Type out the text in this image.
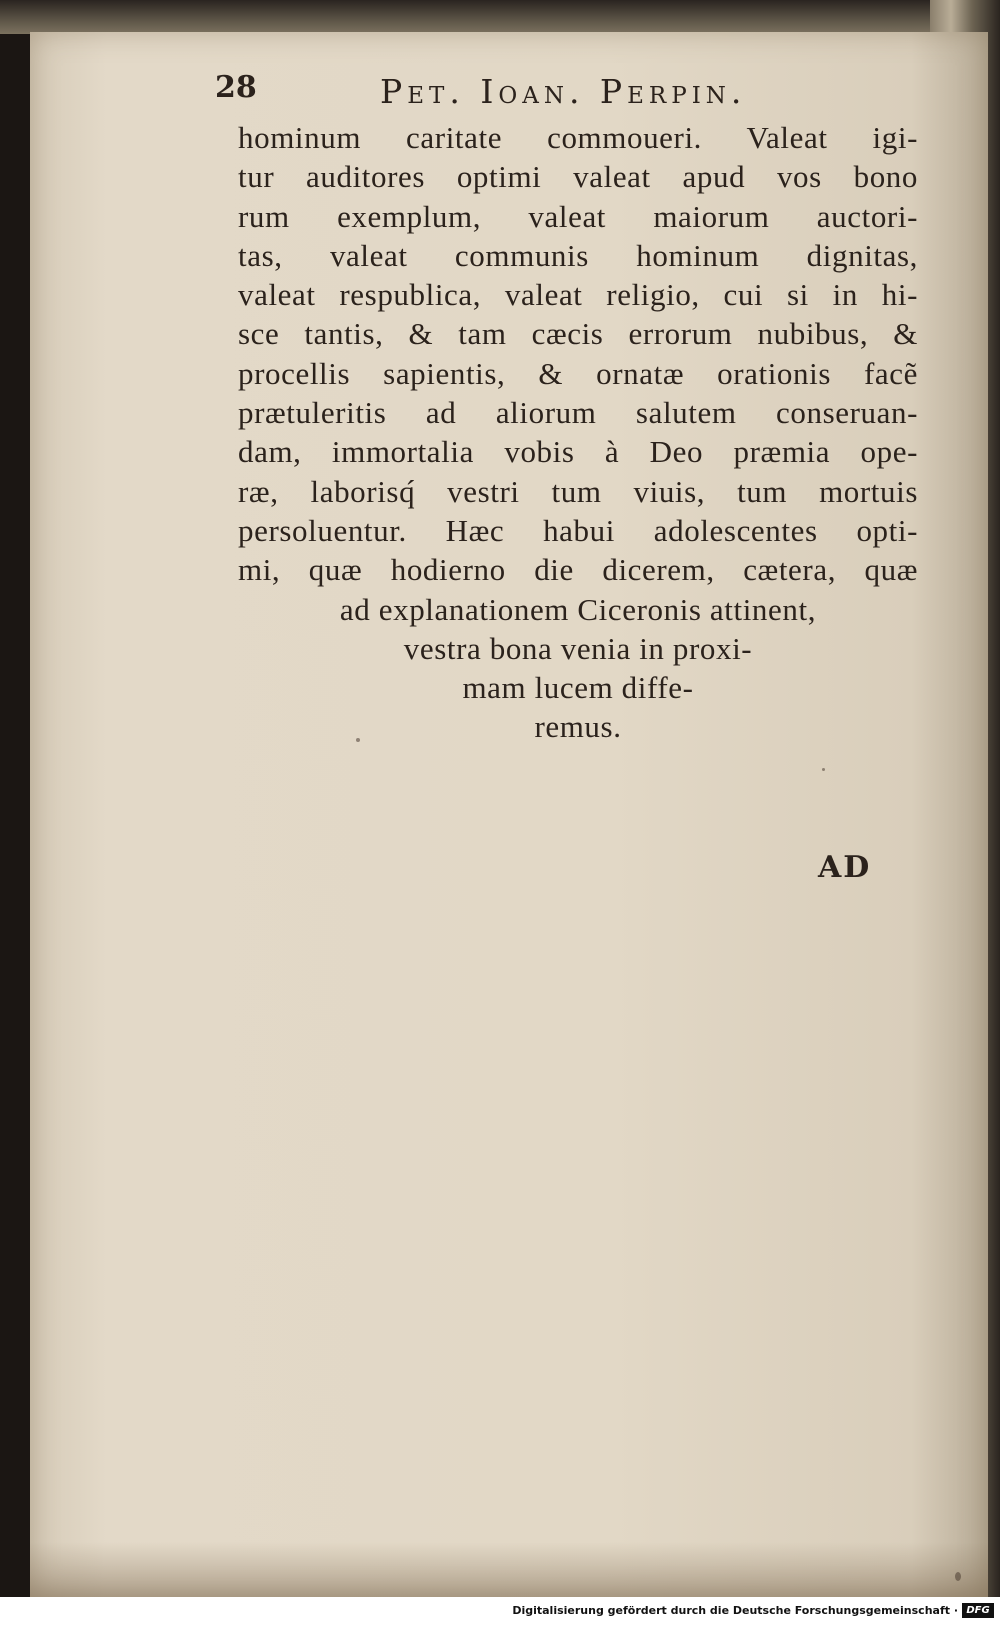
28	Pet. Ioan. Perpin.
hominum caritate commoueri. Valeat igi-
tur auditores optimi valeat apud vos bono
rum exemplum, valeat maiorum auctori-
tas, valeat communis hominum dignitas,
valeat respublica, valeat religio, cui si in hi-
sce tantis, & tam cæcis errorum nubibus, &
procellis sapientis, & ornatæ orationis facẽ
prætuleritis ad aliorum salutem conseruan-
dam, immortalia vobis à Deo præmia ope-
ræ, laborisq́ vestri tum viuis, tum mortuis
persoluentur. Hæc habui adolescentes opti-
mi, quæ hodierno die dicerem, cætera, quæ
ad explanationem Ciceronis attinent,
vestra bona venia in proxi-
mam lucem diffe-
remus.
AD
Digitalisierung gefördert durch die Deutsche Forschungsgemeinschaft · DFG
